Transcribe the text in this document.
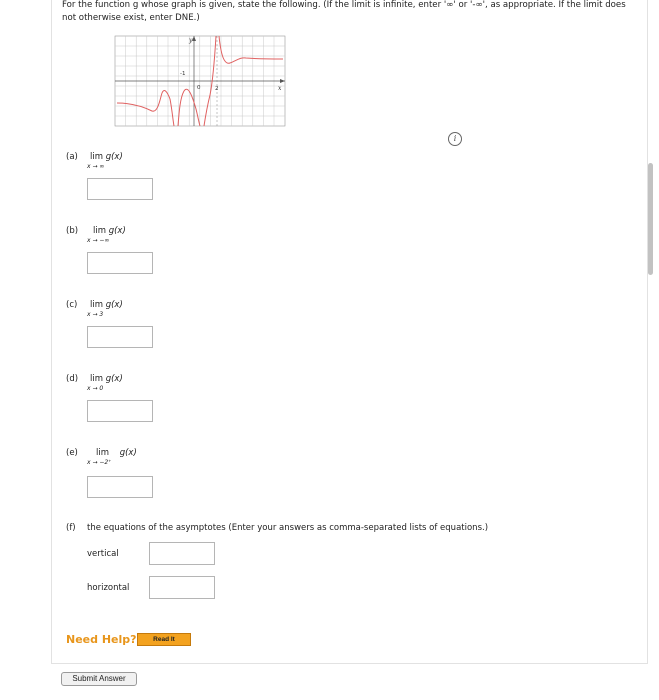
For the function g whose graph is given, state the following. (If the limit is infinite, enter '∞' or '-∞', as appropriate. If the limit does not otherwise exist, enter DNE.)
x
y
-1
0	2
i
(a) lim g(x)
x → ∞
(b) lim g(x)
x → −∞
(c) lim g(x)
x → 3
(d) lim g(x)
x → 0
(e) lim g(x)
x → −2⁺
(f) the equations of the asymptotes (Enter your answers as comma-separated lists of equations.)
vertical
horizontal
Need Help?	Read It
Submit Answer
